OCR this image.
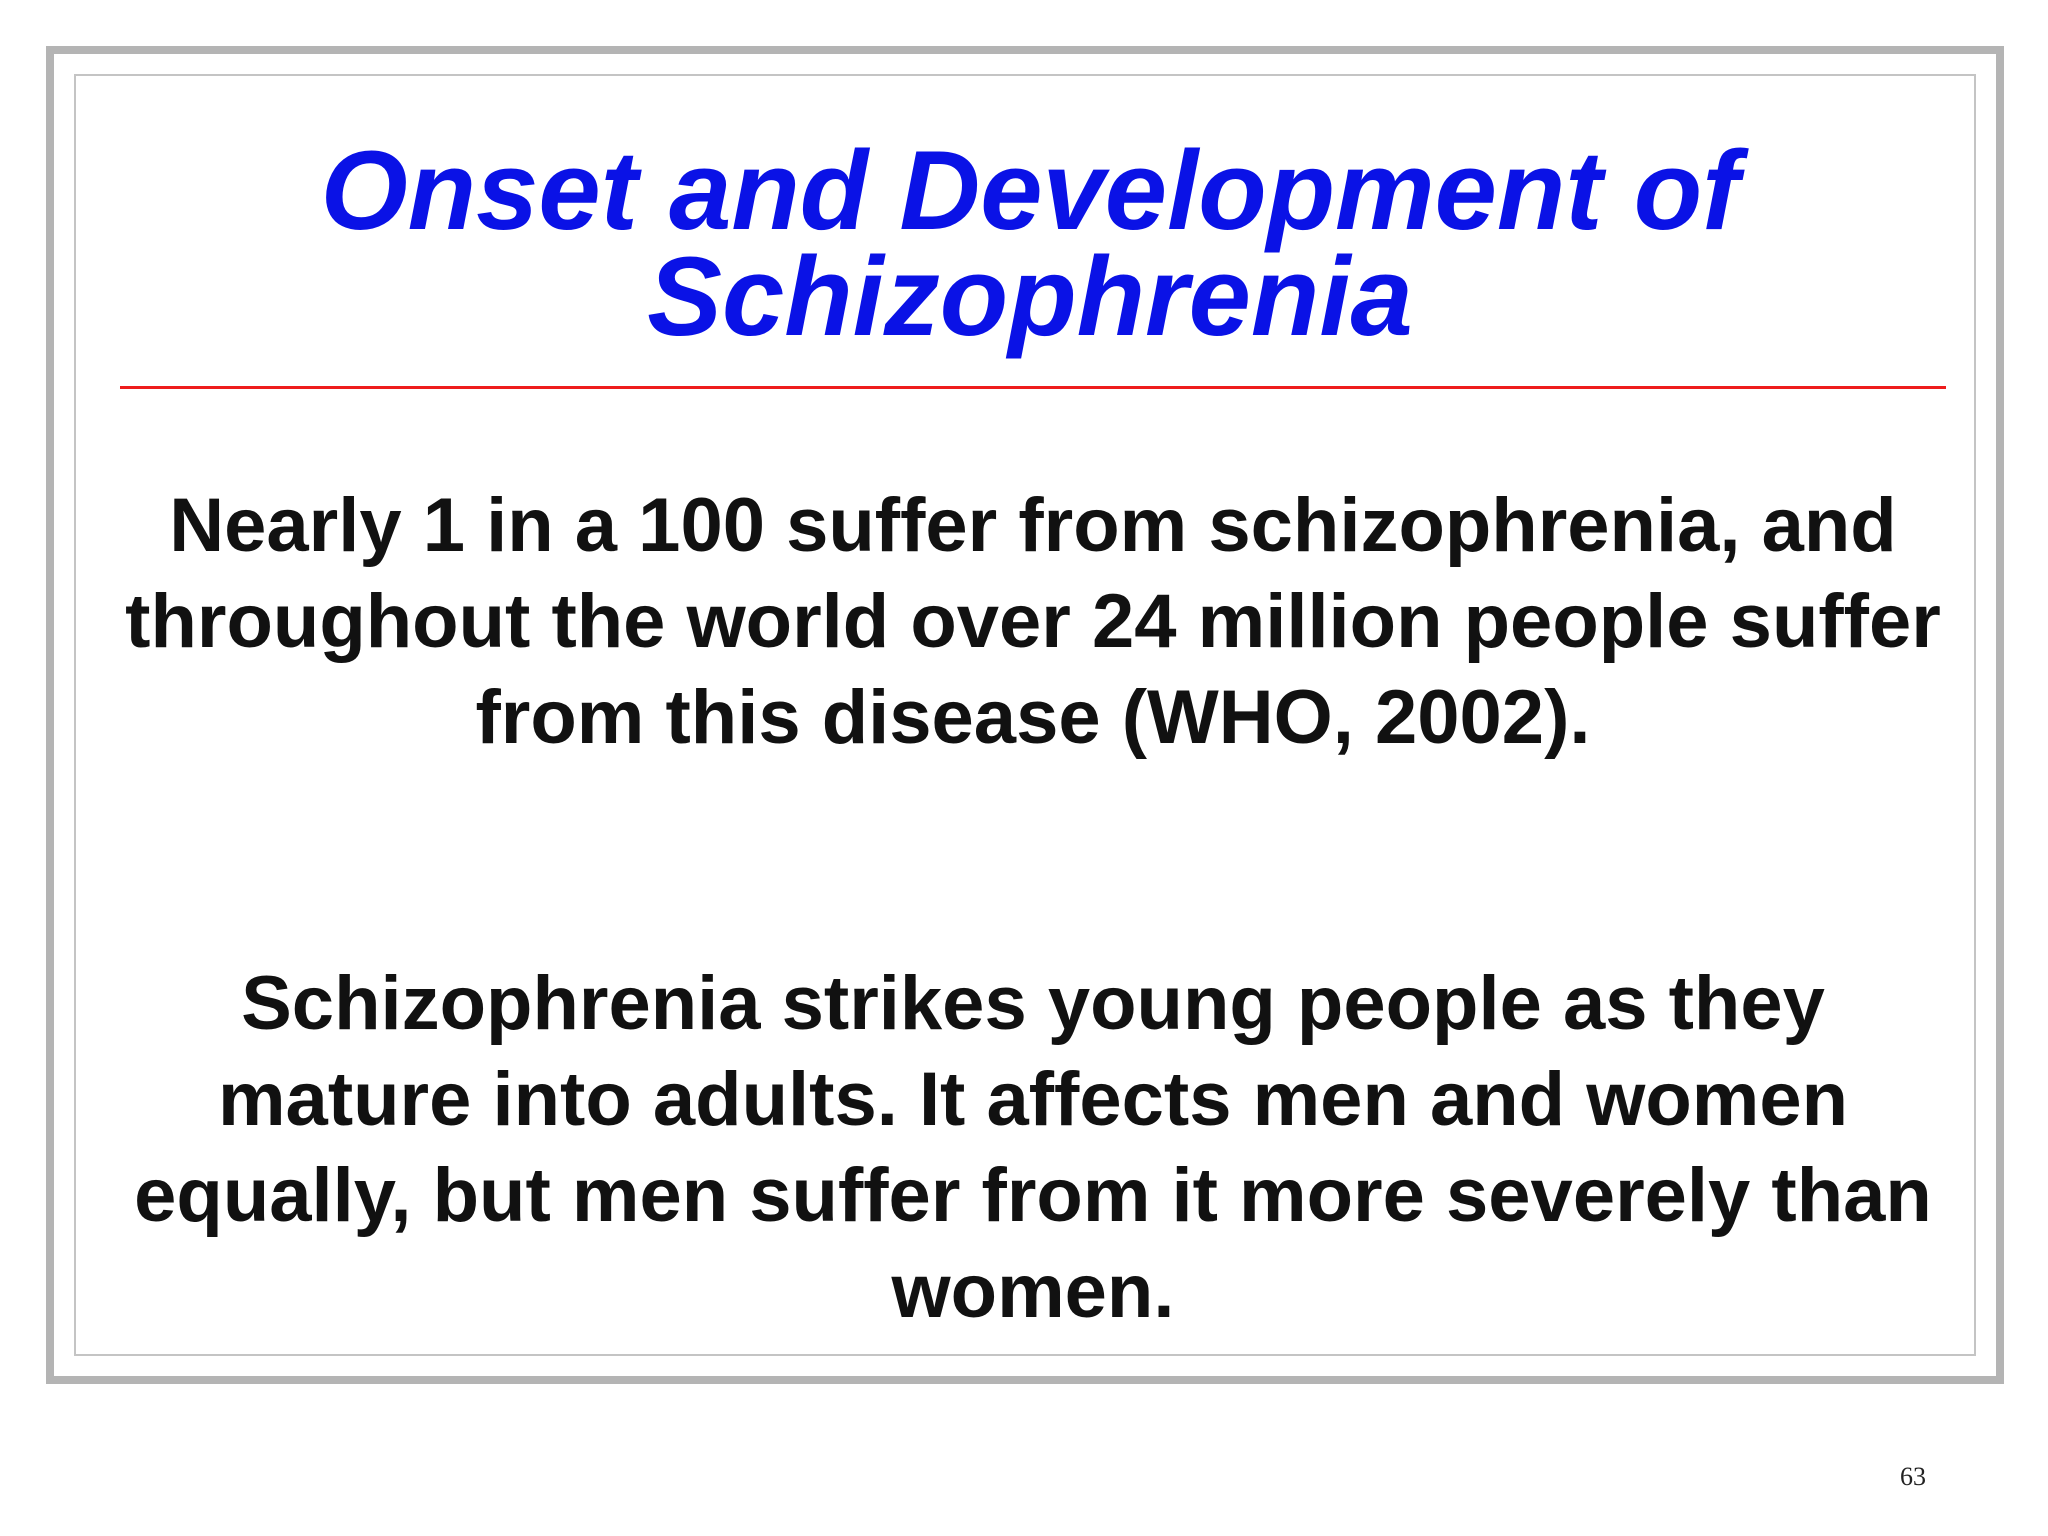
Onset and Development of Schizophrenia

Nearly 1 in a 100 suffer from schizophrenia, and throughout the world over 24 million people suffer from this disease (WHO, 2002).

Schizophrenia strikes young people as they mature into adults. It affects men and women equally, but men suffer from it more severely than women.

63
